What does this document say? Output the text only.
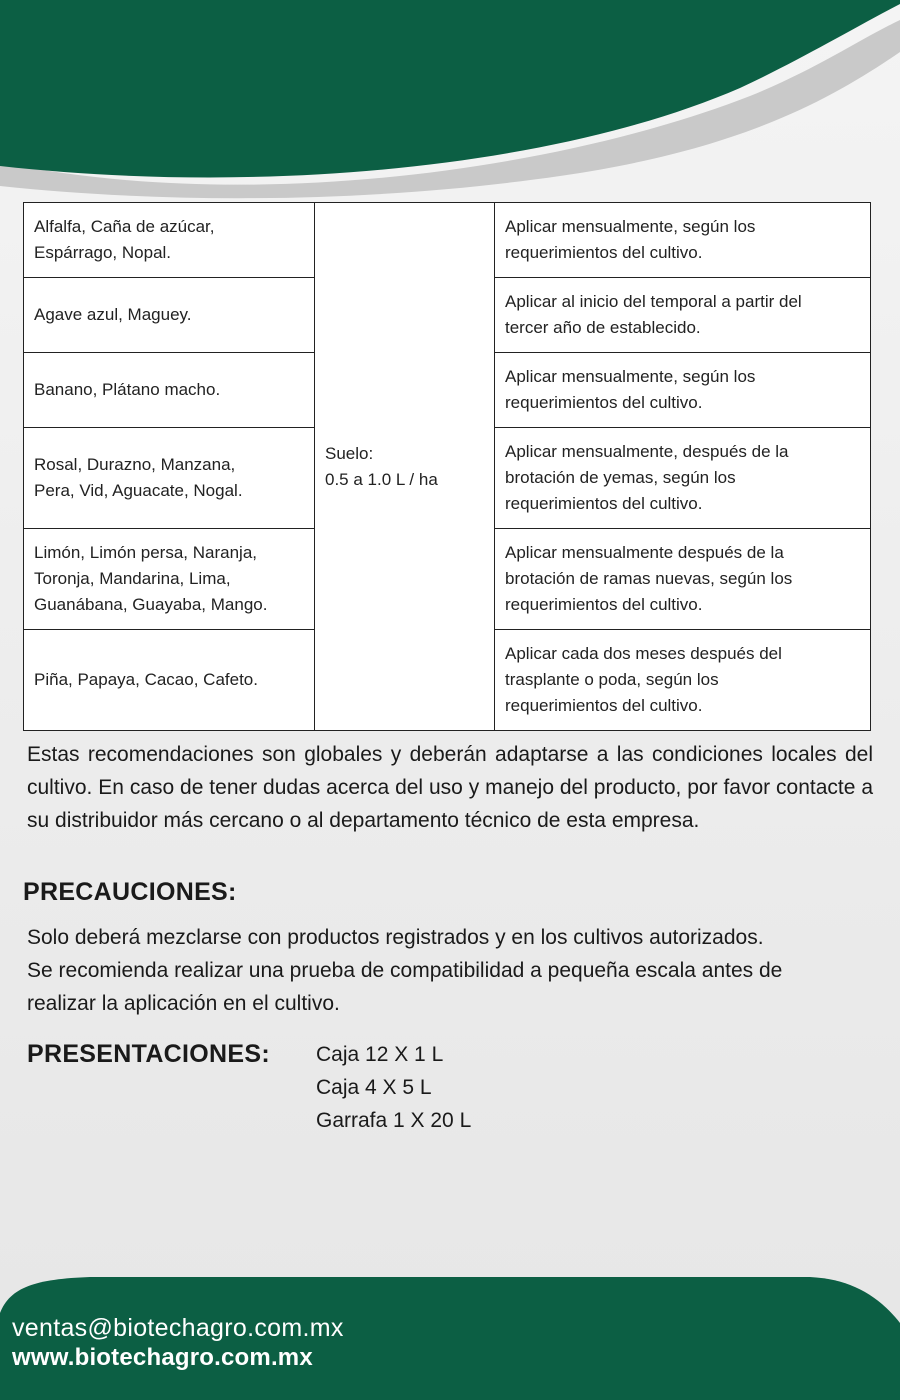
Alfalfa, Caña de azúcar,
Espárrago, Nopal.	Suelo:
0.5 a 1.0 L / ha	Aplicar mensualmente, según los
requerimientos del cultivo.
Agave azul, Maguey.		Aplicar al inicio del temporal a partir del
tercer año de establecido.
Banano, Plátano macho.		Aplicar mensualmente, según los
requerimientos del cultivo.
Rosal, Durazno, Manzana,
Pera, Vid, Aguacate, Nogal.		Aplicar mensualmente, después de la
brotación de yemas, según los
requerimientos del cultivo.
Limón, Limón persa, Naranja,
Toronja, Mandarina, Lima,
Guanábana, Guayaba, Mango.		Aplicar mensualmente después de la
brotación de ramas nuevas, según los
requerimientos del cultivo.
Piña, Papaya, Cacao, Cafeto.		Aplicar cada dos meses después del
trasplante o poda, según los
requerimientos del cultivo.
Estas recomendaciones son globales y deberán adaptarse a las condiciones locales del cultivo. En caso de tener dudas acerca del uso y manejo del producto, por favor contacte a su distribuidor más cercano o al departamento técnico de esta empresa.
PRECAUCIONES:
Solo deberá mezclarse con productos registrados y en los cultivos autorizados.
Se recomienda realizar una prueba de compatibilidad a pequeña escala antes de
realizar la aplicación en el cultivo.
PRESENTACIONES: Caja 12 X 1 L
Caja 4 X 5 L
Garrafa 1 X 20 L
ventas@biotechagro.com.mx
www.biotechagro.com.mx
